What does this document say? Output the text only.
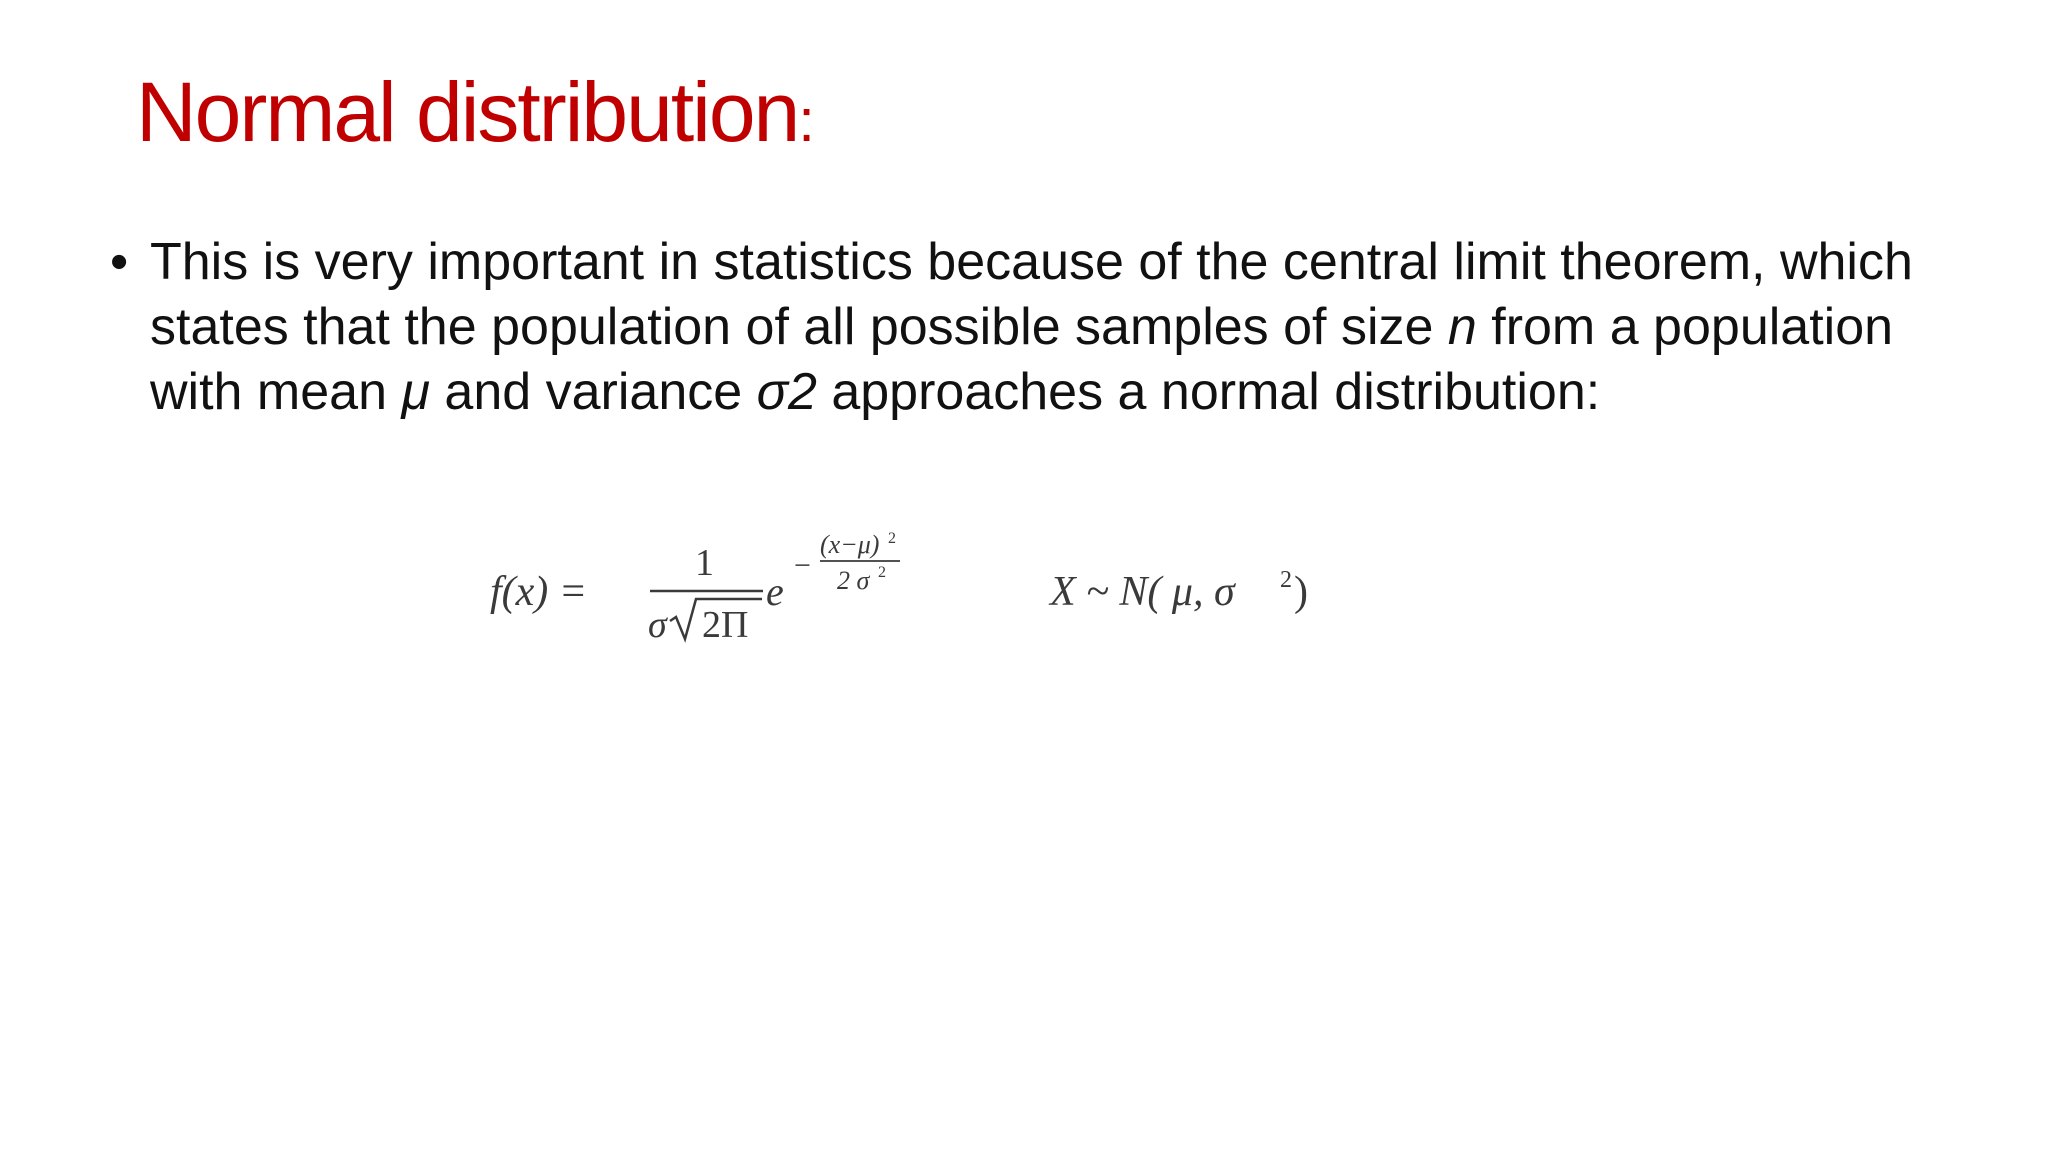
Normal distribution:
• This is very important in statistics because of the central limit theorem, which states that the population of all possible samples of size n from a population with mean μ and variance σ2 approaches a normal distribution:
f(x) =
1
σ 2Π
e
−
(x−μ) 2
2 σ 2	X ~ N( μ, σ 2 )
